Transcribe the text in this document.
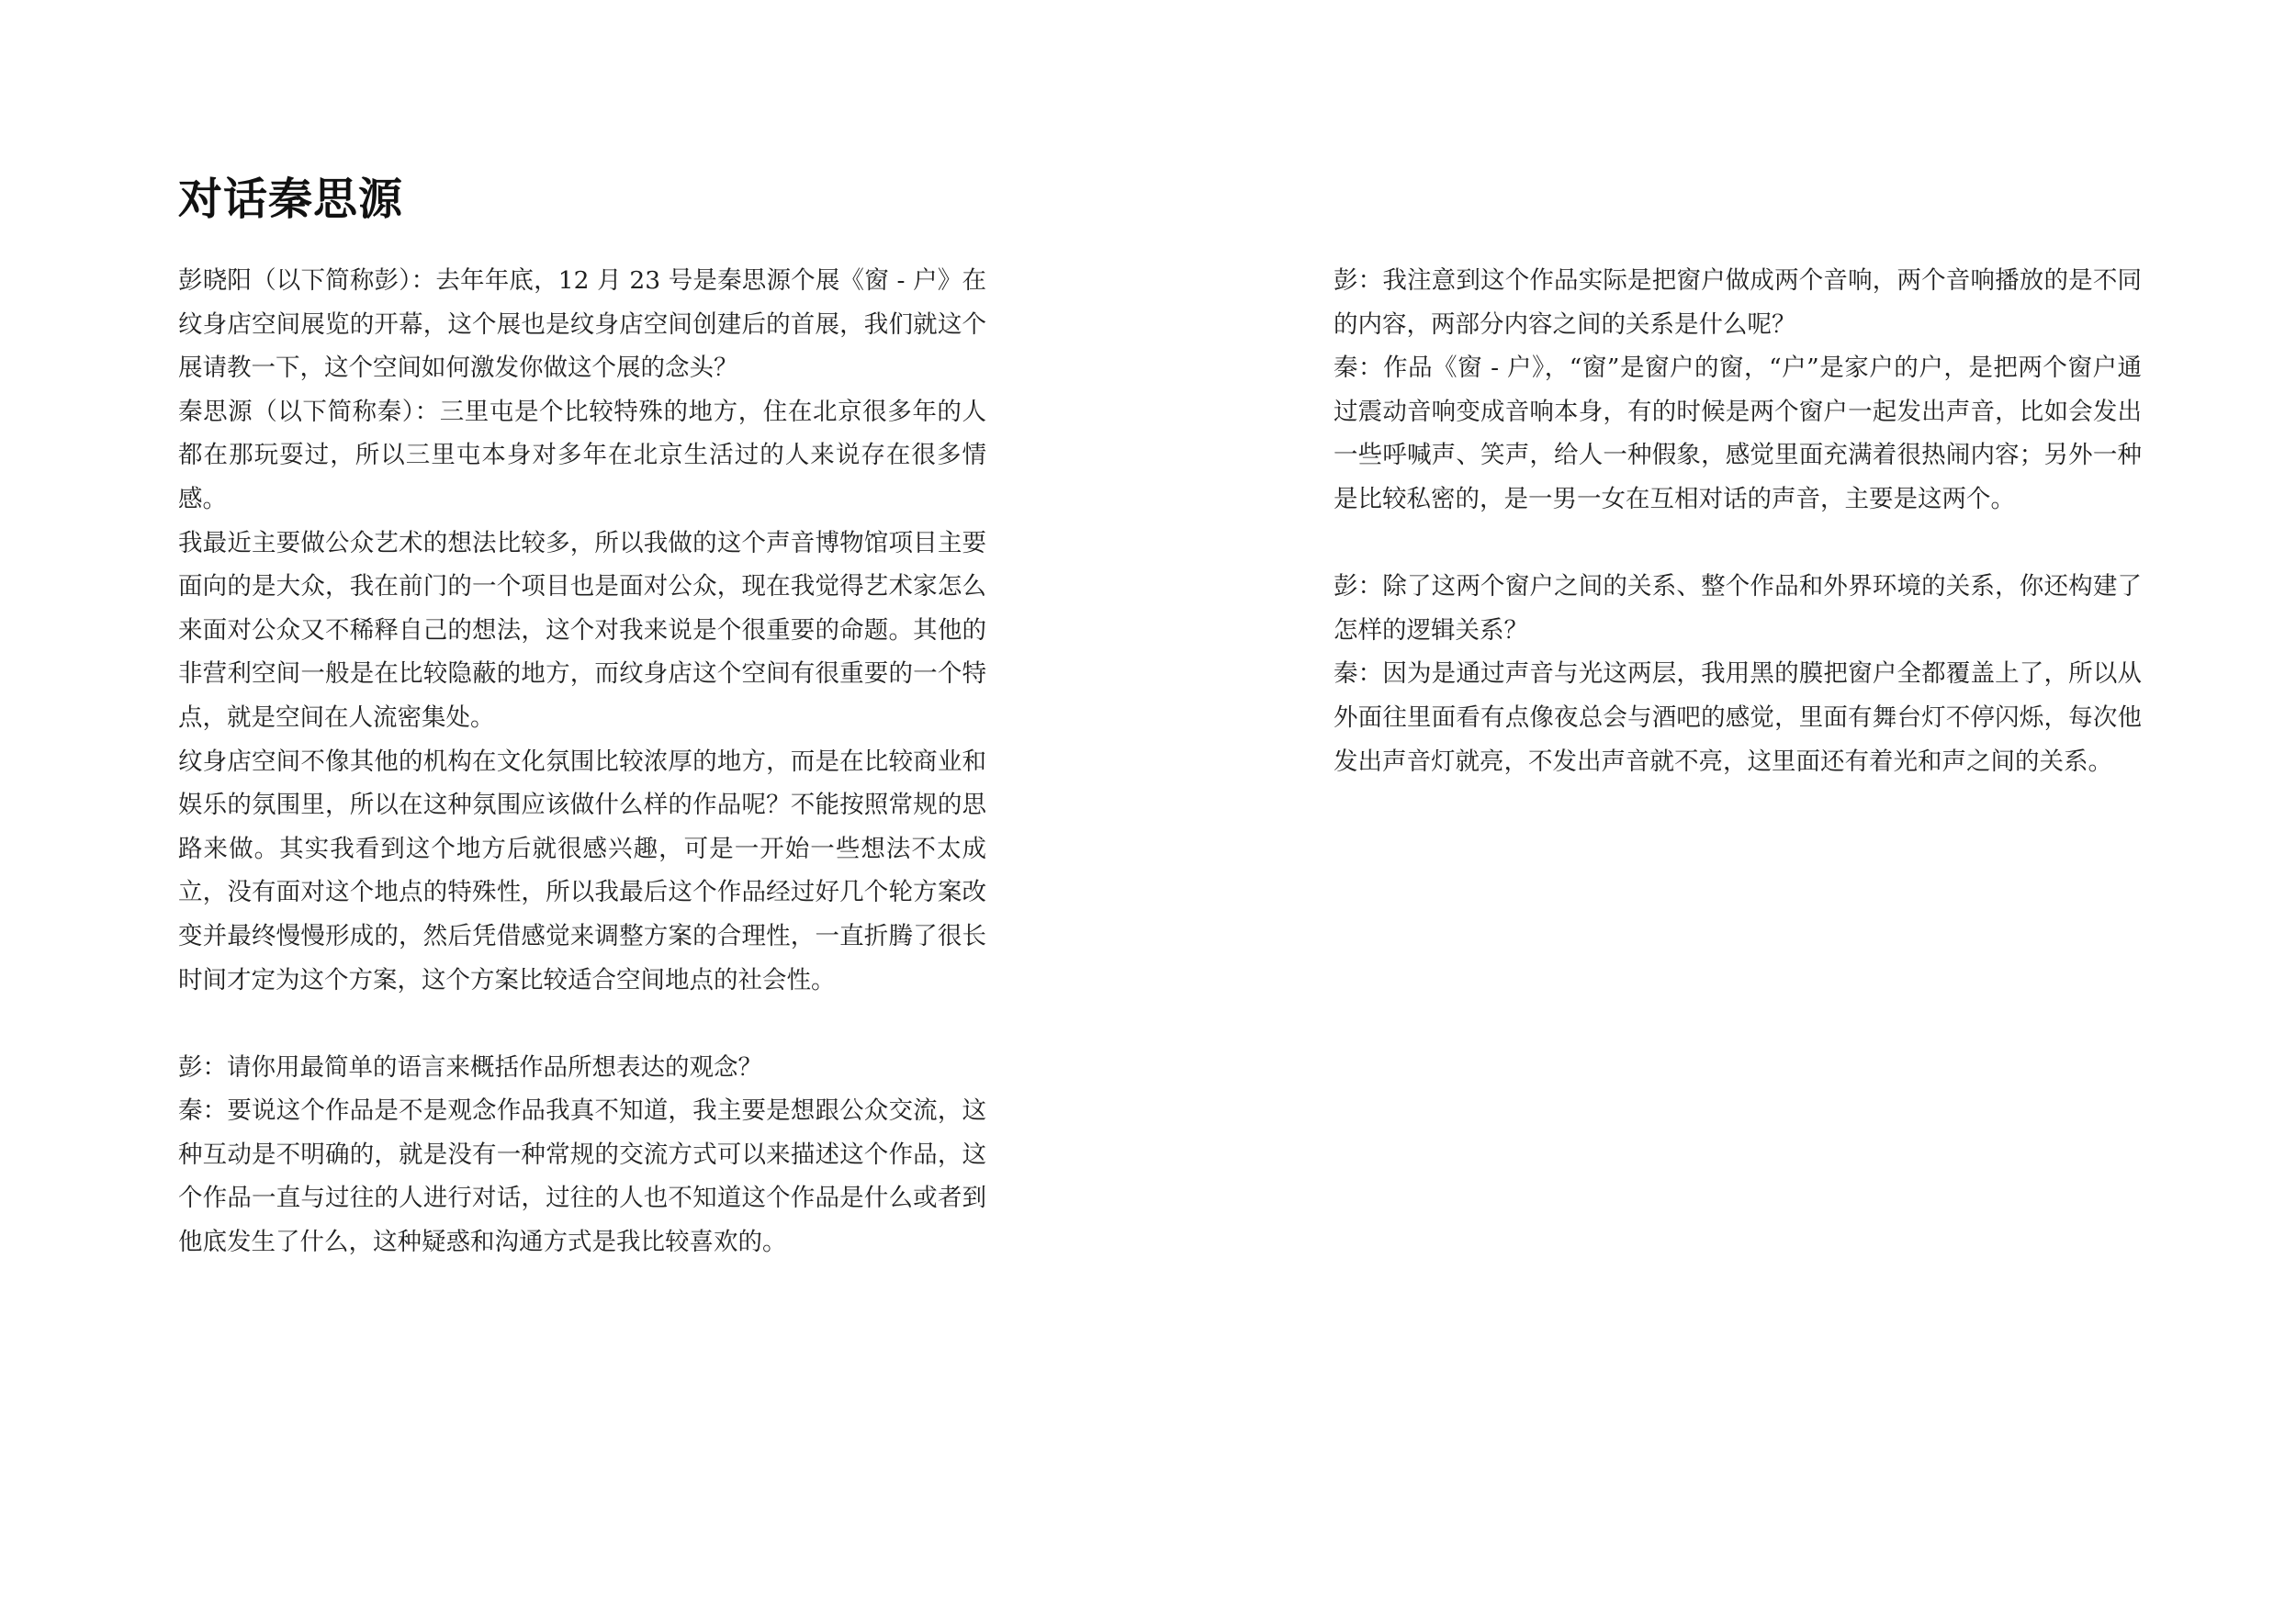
对话秦思源

彭晓阳（以下简称彭）：去年年底，12 月 23 号是秦思源个展《窗 - 户》在纹身店空间展览的开幕，这个展也是纹身店空间创建后的首展，我们就这个展请教一下，这个空间如何激发你做这个展的念头？

秦思源（以下简称秦）：三里屯是个比较特殊的地方，住在北京很多年的人都在那玩耍过，所以三里屯本身对多年在北京生活过的人来说存在很多情感。

我最近主要做公众艺术的想法比较多，所以我做的这个声音博物馆项目主要面向的是大众，我在前门的一个项目也是面对公众，现在我觉得艺术家怎么来面对公众又不稀释自己的想法，这个对我来说是个很重要的命题。其他的非营利空间一般是在比较隐蔽的地方，而纹身店这个空间有很重要的一个特点，就是空间在人流密集处。

纹身店空间不像其他的机构在文化氛围比较浓厚的地方，而是在比较商业和娱乐的氛围里，所以在这种氛围应该做什么样的作品呢？不能按照常规的思路来做。其实我看到这个地方后就很感兴趣，可是一开始一些想法不太成立，没有面对这个地点的特殊性，所以我最后这个作品经过好几个轮方案改变并最终慢慢形成的，然后凭借感觉来调整方案的合理性，一直折腾了很长时间才定为这个方案，这个方案比较适合空间地点的社会性。

彭：请你用最简单的语言来概括作品所想表达的观念？

秦：要说这个作品是不是观念作品我真不知道，我主要是想跟公众交流，这种互动是不明确的，就是没有一种常规的交流方式可以来描述这个作品，这个作品一直与过往的人进行对话，过往的人也不知道这个作品是什么或者到他底发生了什么，这种疑惑和沟通方式是我比较喜欢的。

彭：我注意到这个作品实际是把窗户做成两个音响，两个音响播放的是不同的内容，两部分内容之间的关系是什么呢？

秦：作品《窗 - 户》，“窗”是窗户的窗，“户”是家户的户，是把两个窗户通过震动音响变成音响本身，有的时候是两个窗户一起发出声音，比如会发出一些呼喊声、笑声，给人一种假象，感觉里面充满着很热闹内容；另外一种是比较私密的，是一男一女在互相对话的声音，主要是这两个。

彭：除了这两个窗户之间的关系、整个作品和外界环境的关系，你还构建了怎样的逻辑关系？

秦：因为是通过声音与光这两层，我用黑的膜把窗户全都覆盖上了，所以从外面往里面看有点像夜总会与酒吧的感觉，里面有舞台灯不停闪烁，每次他发出声音灯就亮，不发出声音就不亮，这里面还有着光和声之间的关系。
